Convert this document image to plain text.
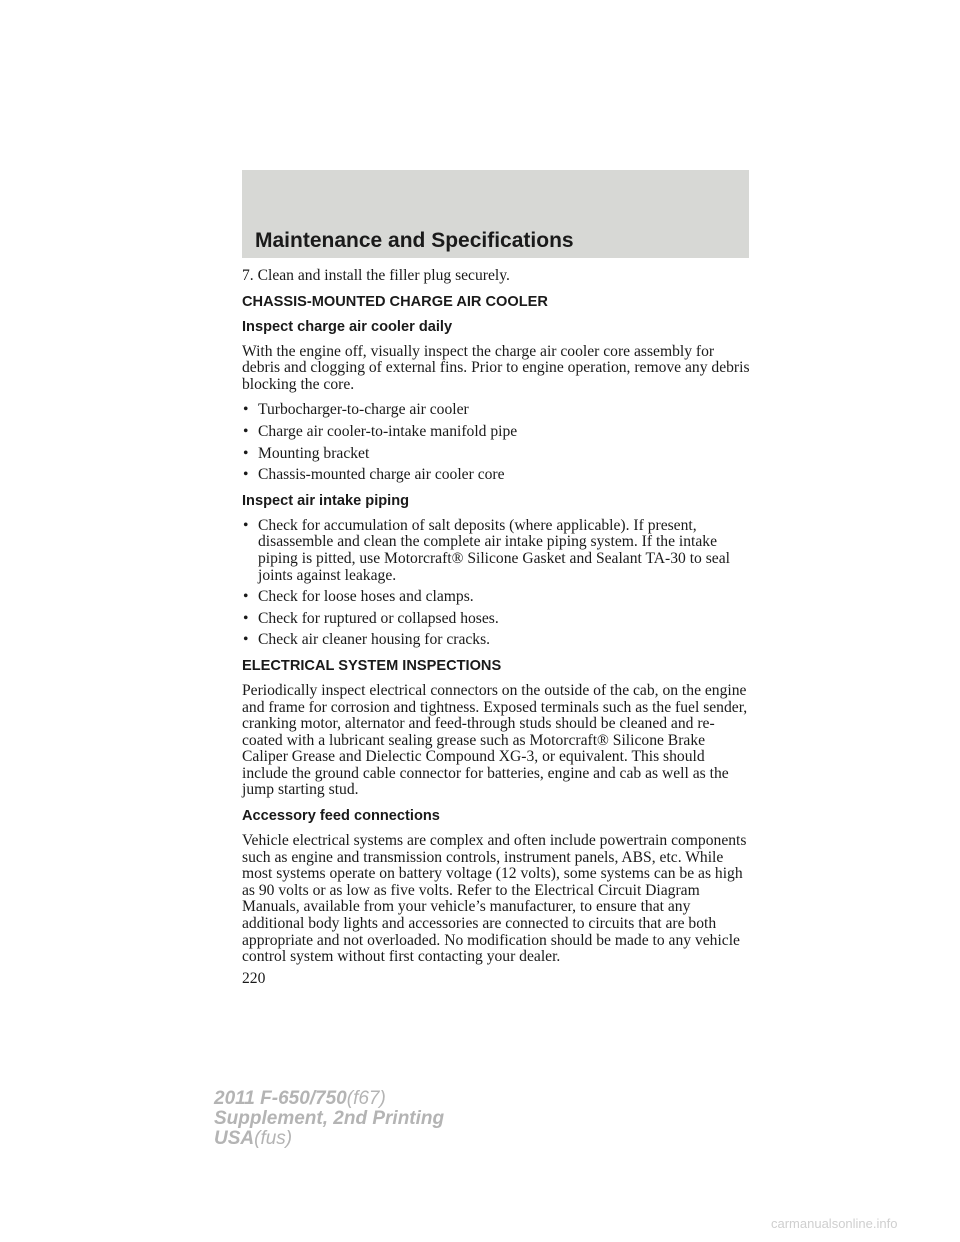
Maintenance and Specifications

7. Clean and install the filler plug securely.

CHASSIS-MOUNTED CHARGE AIR COOLER
Inspect charge air cooler daily

With the engine off, visually inspect the charge air cooler core assembly for debris and clogging of external fins. Prior to engine operation, remove any debris blocking the core.

• Turbocharger-to-charge air cooler
• Charge air cooler-to-intake manifold pipe
• Mounting bracket
• Chassis-mounted charge air cooler core
Inspect air intake piping
• Check for accumulation of salt deposits (where applicable). If present, disassemble and clean the complete air intake piping system. If the intake piping is pitted, use Motorcraft® Silicone Gasket and Sealant TA-30 to seal joints against leakage.
• Check for loose hoses and clamps.
• Check for ruptured or collapsed hoses.
• Check air cleaner housing for cracks.
ELECTRICAL SYSTEM INSPECTIONS

Periodically inspect electrical connectors on the outside of the cab, on the engine and frame for corrosion and tightness. Exposed terminals such as the fuel sender, cranking motor, alternator and feed-through studs should be cleaned and re-coated with a lubricant sealing grease such as Motorcraft® Silicone Brake Caliper Grease and Dielectic Compound XG-3, or equivalent. This should include the ground cable connector for batteries, engine and cab as well as the jump starting stud.

Accessory feed connections

Vehicle electrical systems are complex and often include powertrain components such as engine and transmission controls, instrument panels, ABS, etc. While most systems operate on battery voltage (12 volts), some systems can be as high as 90 volts or as low as five volts. Refer to the Electrical Circuit Diagram Manuals, available from your vehicle’s manufacturer, to ensure that any additional body lights and accessories are connected to circuits that are both appropriate and not overloaded. No modification should be made to any vehicle control system without first contacting your dealer.

220
2011 F-650/750(f67)
Supplement, 2nd Printing
USA(fus)
carmanualsonline.info
